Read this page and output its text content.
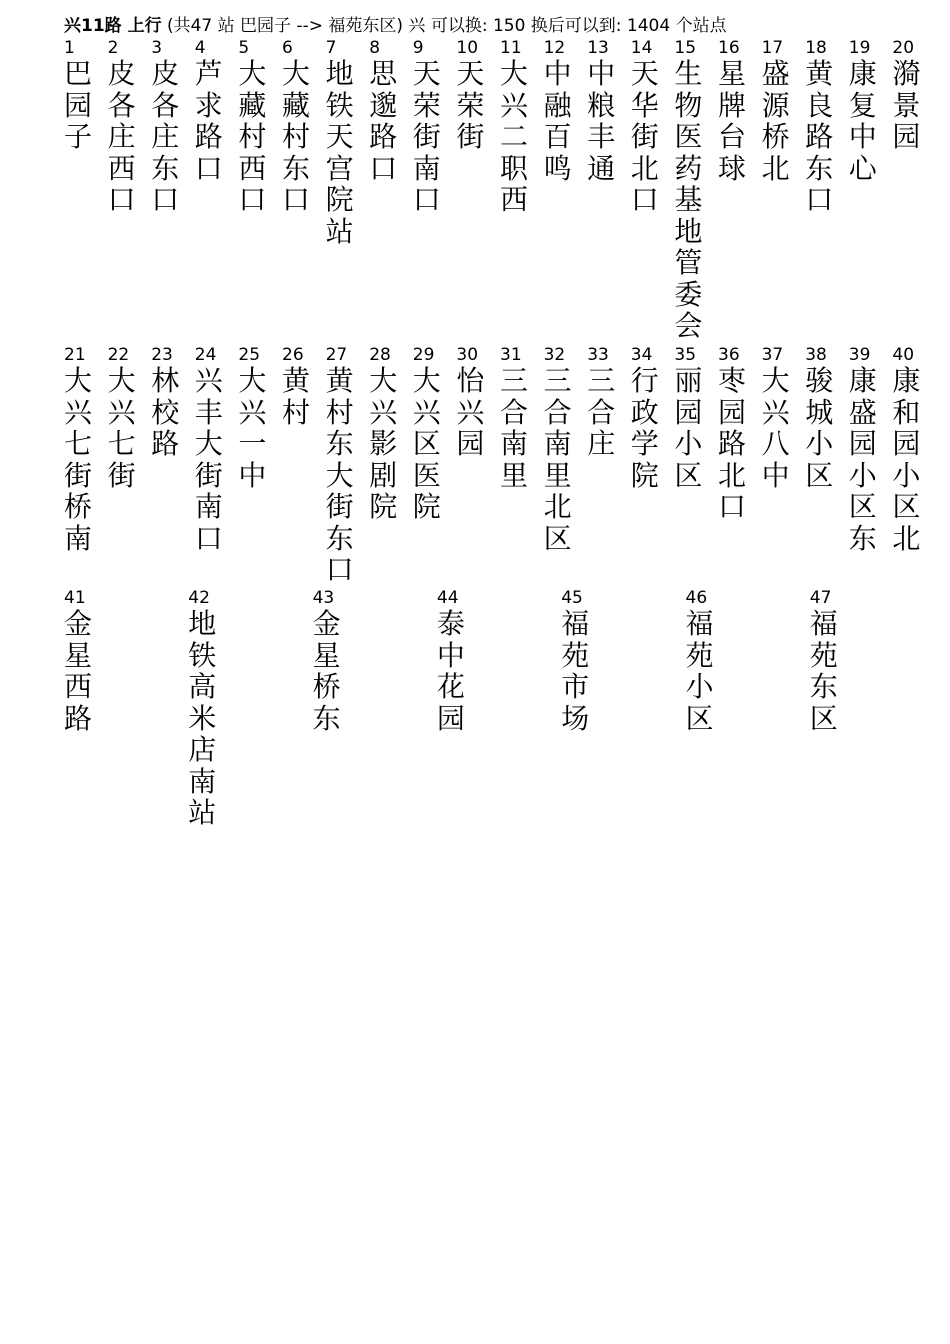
兴11路 上行 (共47 站 巴园子 --> 福苑东区) 兴 可以换: 150 换后可以到: 1404 个站点
1
巴园子
2
皮各庄西口
3
皮各庄东口
4
芦求路口
5
大藏村西口
6
大藏村东口
7
地铁天宫院站
8
思邈路口
9
天荣街南口
10
天荣街
11
大兴二职西
12
中融百鸣
13
中粮丰通
14
天华街北口
15
生物医药基地管委会
16
星牌台球
17
盛源桥北
18
黄良路东口
19
康复中心
20
漪景园
21
大兴七街桥南
22
大兴七街
23
林校路
24
兴丰大街南口
25
大兴一中
26
黄村
27
黄村东大街东口
28
大兴影剧院
29
大兴区医院
30
怡兴园
31
三合南里
32
三合南里北区
33
三合庄
34
行政学院
35
丽园小区
36
枣园路北口
37
大兴八中
38
骏城小区
39
康盛园小区东
40
康和园小区北
41
金星西路
42
地铁高米店南站
43
金星桥东
44
泰中花园
45
福苑市场
46
福苑小区
47
福苑东区
